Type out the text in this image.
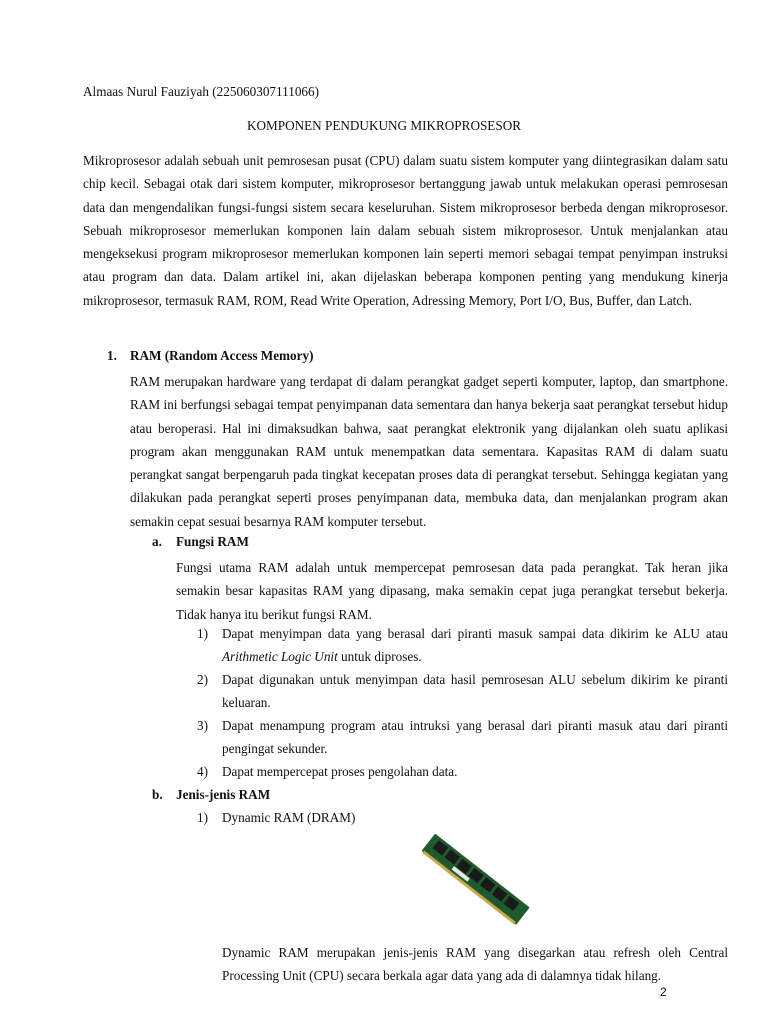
Almaas Nurul Fauziyah (225060307111066)
KOMPONEN PENDUKUNG MIKROPROSESOR
Mikroprosesor adalah sebuah unit pemrosesan pusat (CPU) dalam suatu sistem komputer yang diintegrasikan dalam satu chip kecil. Sebagai otak dari sistem komputer, mikroprosesor bertanggung jawab untuk melakukan operasi pemrosesan data dan mengendalikan fungsi-fungsi sistem secara keseluruhan. Sistem mikroprosesor berbeda dengan mikroprosesor. Sebuah mikroprosesor memerlukan komponen lain dalam sebuah sistem mikroprosesor. Untuk menjalankan atau mengeksekusi program mikroprosesor memerlukan komponen lain seperti memori sebagai tempat penyimpan instruksi atau program dan data. Dalam artikel ini, akan dijelaskan beberapa komponen penting yang mendukung kinerja mikroprosesor, termasuk RAM, ROM, Read Write Operation, Adressing Memory, Port I/O, Bus, Buffer, dan Latch.
1. RAM (Random Access Memory)
RAM merupakan hardware yang terdapat di dalam perangkat gadget seperti komputer, laptop, dan smartphone. RAM ini berfungsi sebagai tempat penyimpanan data sementara dan hanya bekerja saat perangkat tersebut hidup atau beroperasi. Hal ini dimaksudkan bahwa, saat perangkat elektronik yang dijalankan oleh suatu aplikasi program akan menggunakan RAM untuk menempatkan data sementara. Kapasitas RAM di dalam suatu perangkat sangat berpengaruh pada tingkat kecepatan proses data di perangkat tersebut. Sehingga kegiatan yang dilakukan pada perangkat seperti proses penyimpanan data, membuka data, dan menjalankan program akan semakin cepat sesuai besarnya RAM komputer tersebut.
a. Fungsi RAM
Fungsi utama RAM adalah untuk mempercepat pemrosesan data pada perangkat. Tak heran jika semakin besar kapasitas RAM yang dipasang, maka semakin cepat juga perangkat tersebut bekerja. Tidak hanya itu berikut fungsi RAM.
1) Dapat menyimpan data yang berasal dari piranti masuk sampai data dikirim ke ALU atau Arithmetic Logic Unit untuk diproses.
2) Dapat digunakan untuk menyimpan data hasil pemrosesan ALU sebelum dikirim ke piranti keluaran.
3) Dapat menampung program atau intruksi yang berasal dari piranti masuk atau dari piranti pengingat sekunder.
4) Dapat mempercepat proses pengolahan data.
b. Jenis-jenis RAM
1) Dynamic RAM (DRAM)
Dynamic RAM merupakan jenis-jenis RAM yang disegarkan atau refresh oleh Central Processing Unit (CPU) secara berkala agar data yang ada di dalamnya tidak hilang.
2
